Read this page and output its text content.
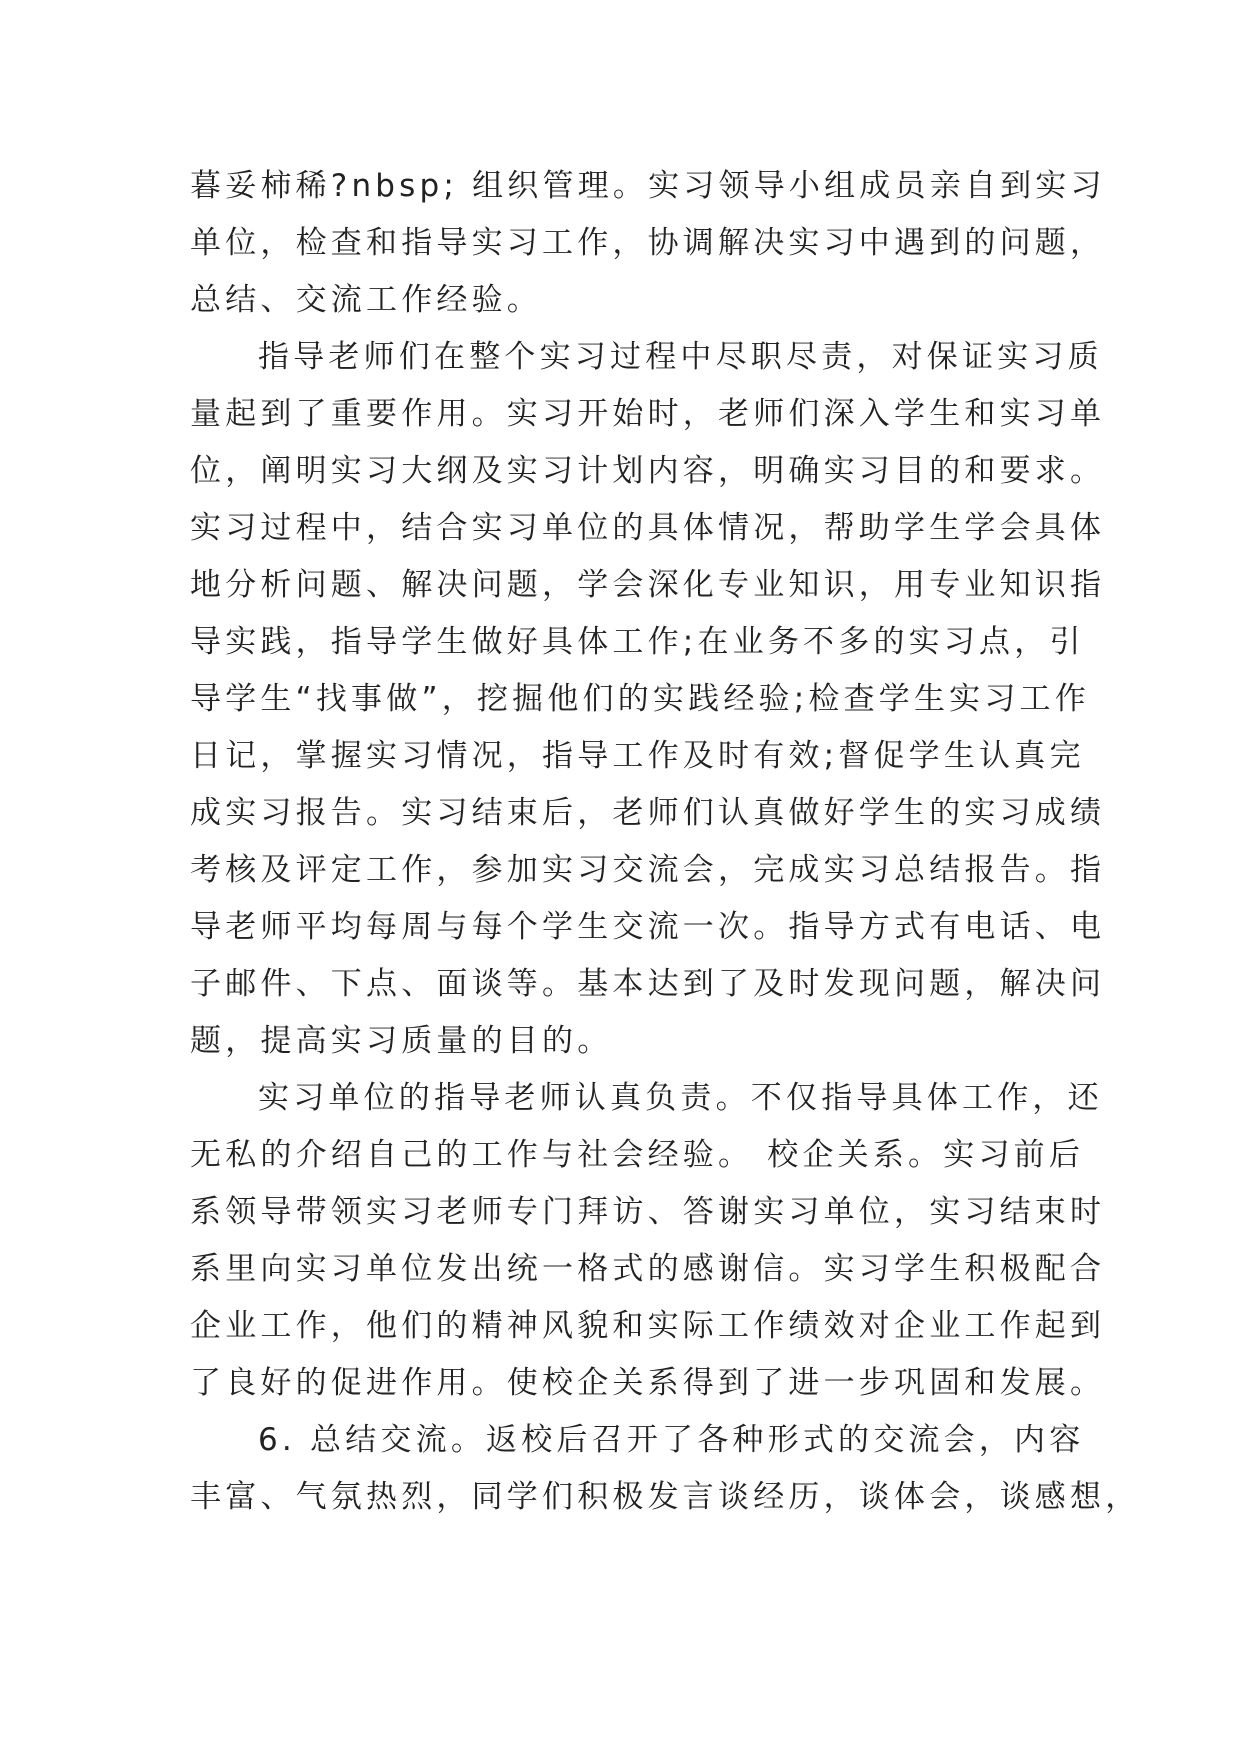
暮妥柿稀?nbsp; 组织管理。实习领导小组成员亲自到实习
单位，检查和指导实习工作，协调解决实习中遇到的问题，
总结、交流工作经验。
指导老师们在整个实习过程中尽职尽责，对保证实习质
量起到了重要作用。实习开始时，老师们深入学生和实习单
位，阐明实习大纲及实习计划内容，明确实习目的和要求。
实习过程中，结合实习单位的具体情况，帮助学生学会具体
地分析问题、解决问题，学会深化专业知识，用专业知识指
导实践，指导学生做好具体工作;在业务不多的实习点，引
导学生“找事做”，挖掘他们的实践经验;检查学生实习工作
日记，掌握实习情况，指导工作及时有效;督促学生认真完
成实习报告。实习结束后，老师们认真做好学生的实习成绩
考核及评定工作，参加实习交流会，完成实习总结报告。指
导老师平均每周与每个学生交流一次。指导方式有电话、电
子邮件、下点、面谈等。基本达到了及时发现问题，解决问
题，提高实习质量的目的。
实习单位的指导老师认真负责。不仅指导具体工作，还
无私的介绍自己的工作与社会经验。 校企关系。实习前后
系领导带领实习老师专门拜访、答谢实习单位，实习结束时
系里向实习单位发出统一格式的感谢信。实习学生积极配合
企业工作，他们的精神风貌和实际工作绩效对企业工作起到
了良好的促进作用。使校企关系得到了进一步巩固和发展。
6. 总结交流。返校后召开了各种形式的交流会，内容
丰富、气氛热烈，同学们积极发言谈经历，谈体会，谈感想，
